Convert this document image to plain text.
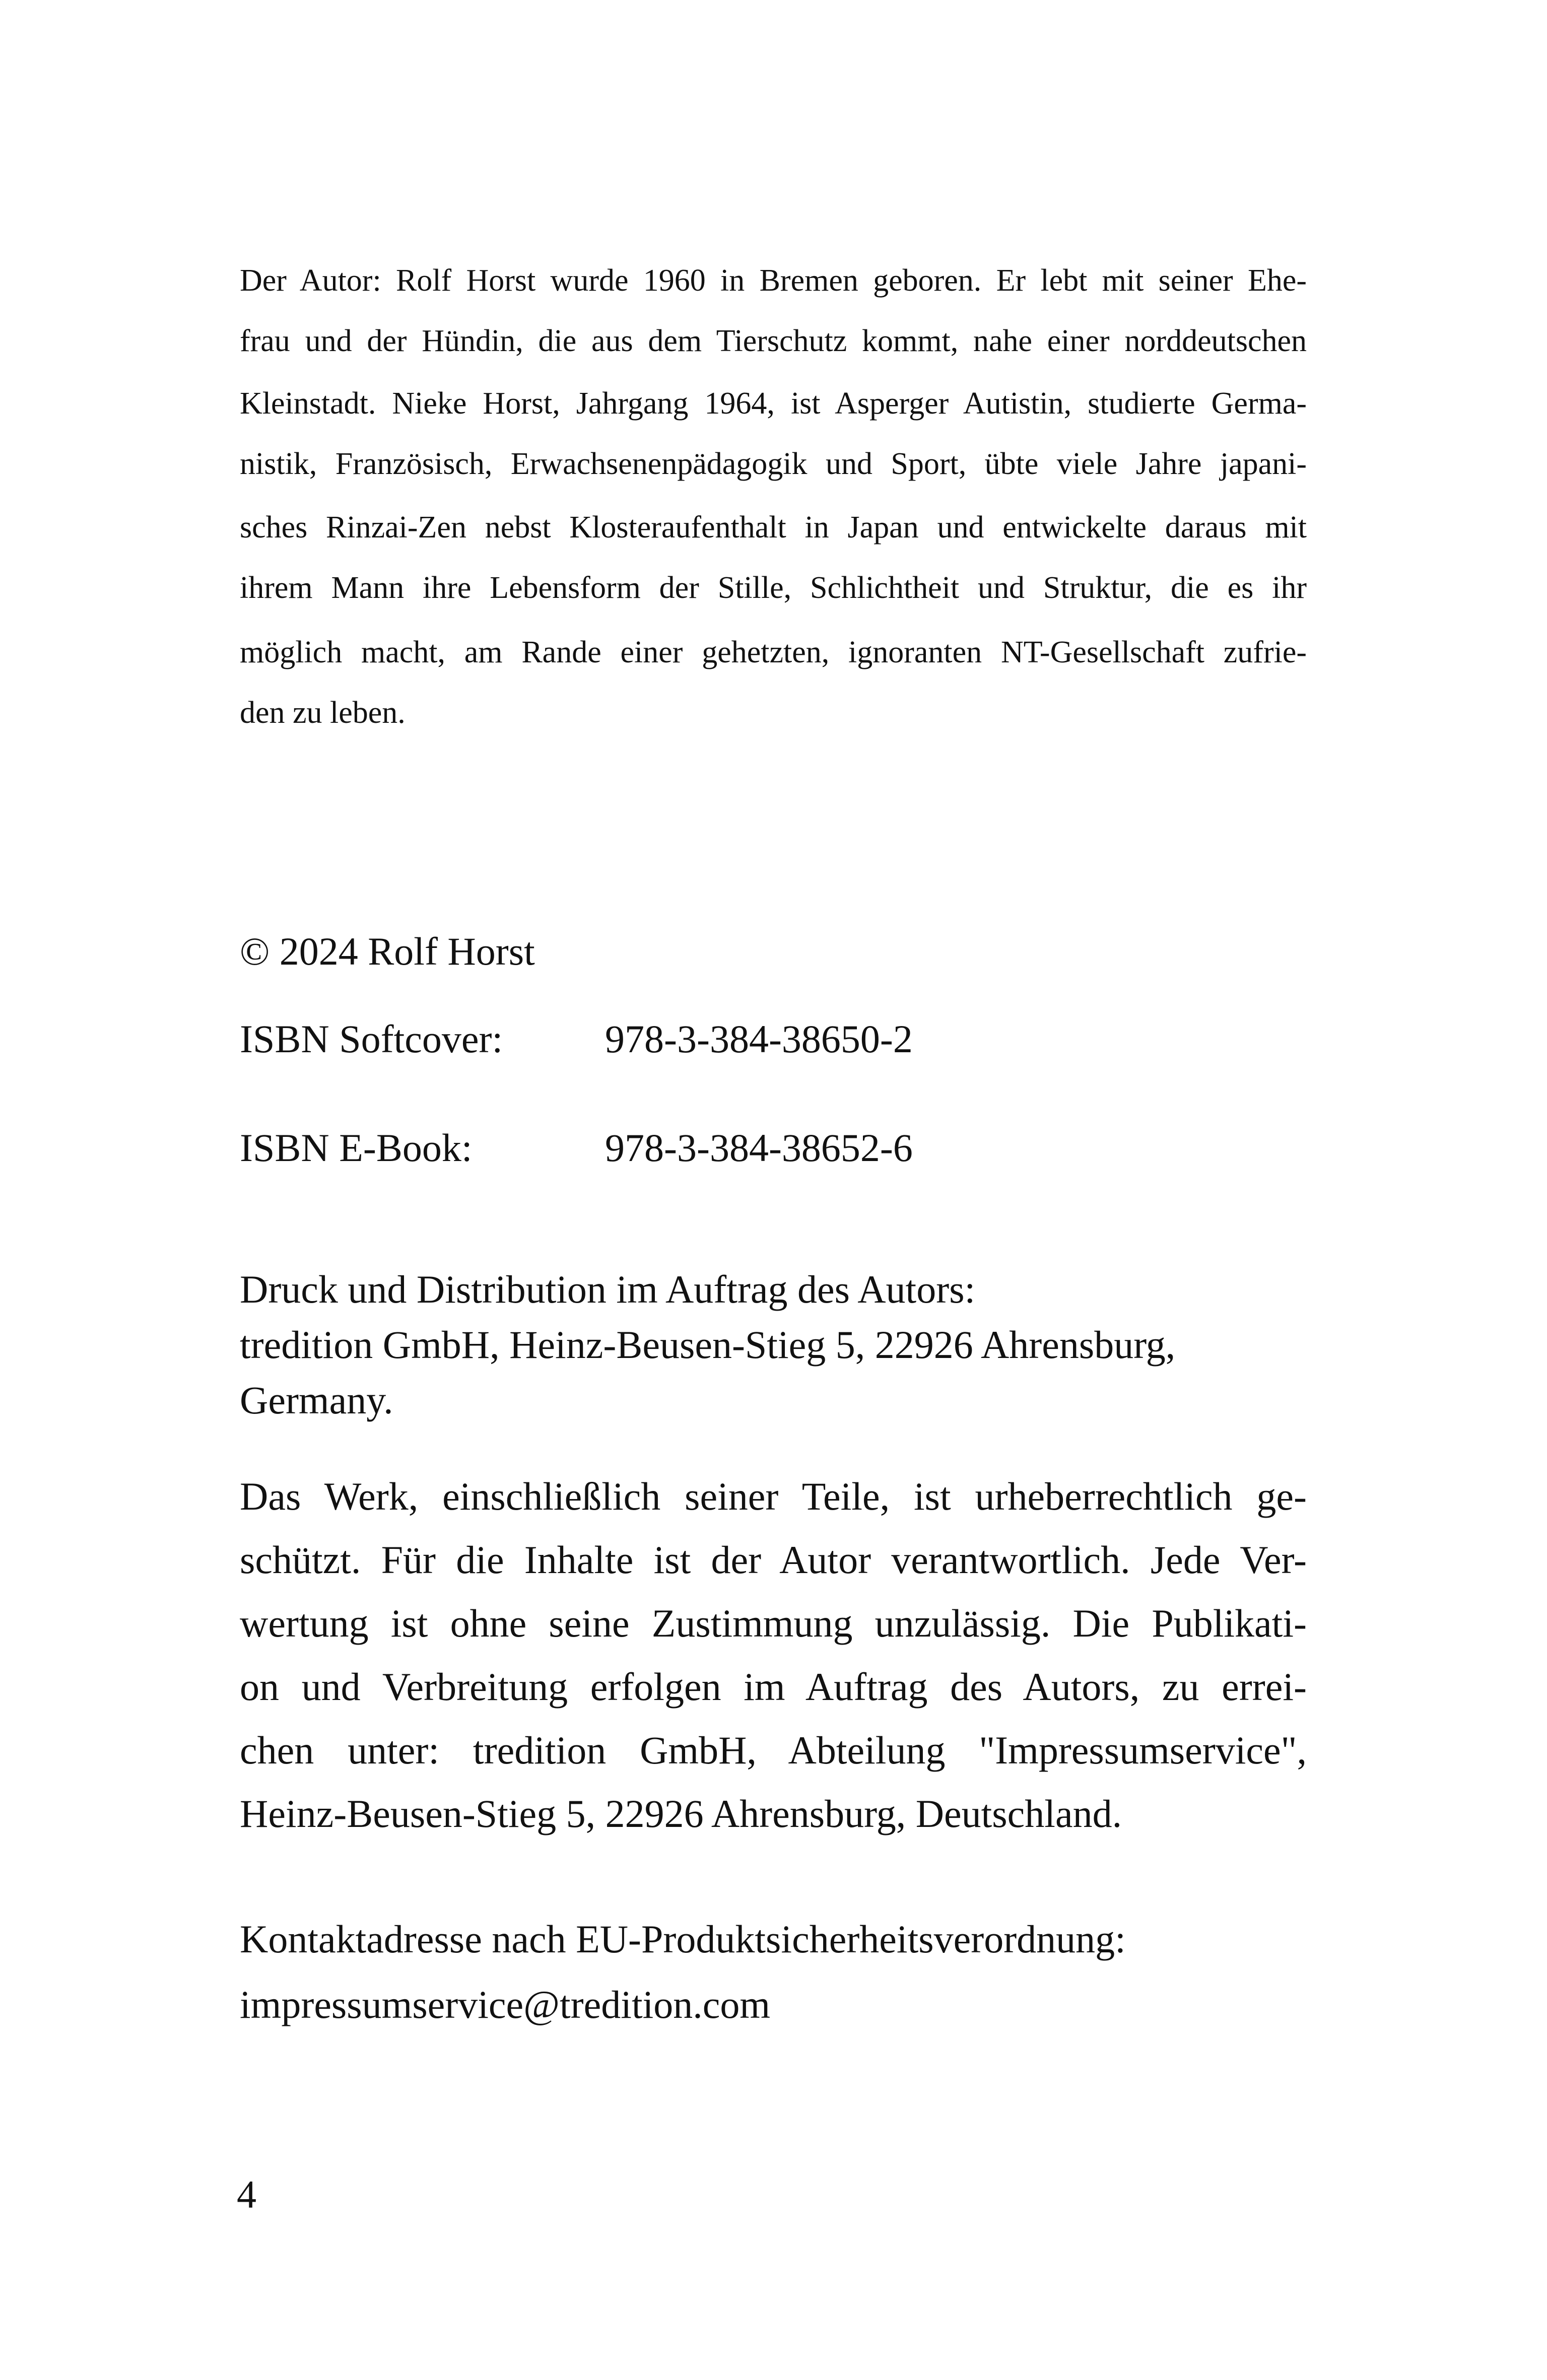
Der Autor: Rolf Horst wurde 1960 in Bremen geboren. Er lebt mit seiner Ehe-
frau und der Hündin, die aus dem Tierschutz kommt, nahe einer norddeutschen
Kleinstadt. Nieke Horst, Jahrgang 1964, ist Asperger Autistin, studierte Germa-
nistik, Französisch, Erwachsenenpädagogik und Sport, übte viele Jahre japani-
sches Rinzai-Zen nebst Klosteraufenthalt in Japan und entwickelte daraus mit
ihrem Mann ihre Lebensform der Stille, Schlichtheit und Struktur, die es ihr
möglich macht, am Rande einer gehetzten, ignoranten NT-Gesellschaft zufrie-
den zu leben.
© 2024 Rolf Horst
ISBN Softcover:	978-3-384-38650-2
ISBN E-Book:	978-3-384-38652-6
Druck und Distribution im Auftrag des Autors:
tredition GmbH, Heinz-Beusen-Stieg 5, 22926 Ahrensburg,
Germany.
Das Werk, einschließlich seiner Teile, ist urheberrechtlich ge-
schützt. Für die Inhalte ist der Autor verantwortlich. Jede Ver-
wertung ist ohne seine Zustimmung unzulässig. Die Publikati-
on und Verbreitung erfolgen im Auftrag des Autors, zu errei-
chen unter: tredition GmbH, Abteilung "Impressumservice",
Heinz-Beusen-Stieg 5, 22926 Ahrensburg, Deutschland.
Kontaktadresse nach EU-Produktsicherheitsverordnung:
impressumservice@tredition.com
4
